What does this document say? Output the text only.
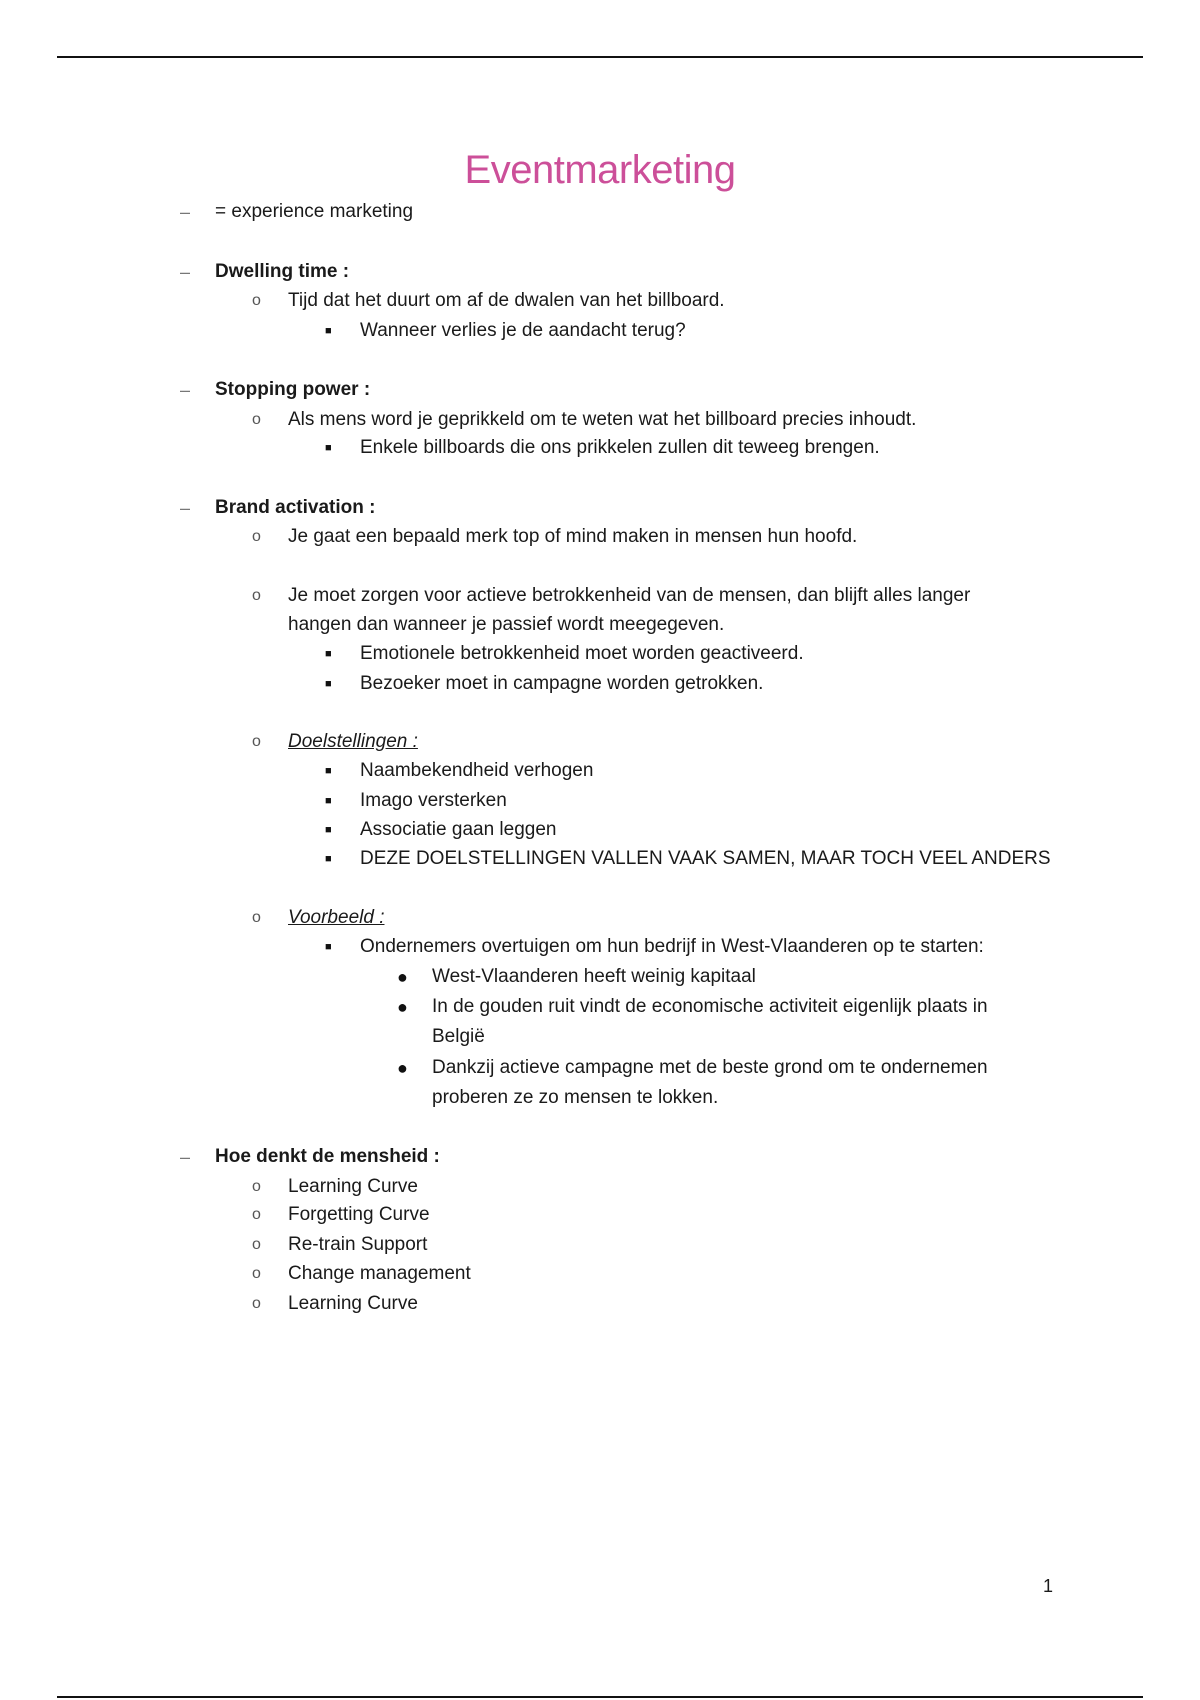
Eventmarketing
– = experience marketing
– Dwelling time :
o Tijd dat het duurt om af de dwalen van het billboard.
■ Wanneer verlies je de aandacht terug?
– Stopping power :
o Als mens word je geprikkeld om te weten wat het billboard precies inhoudt.
■ Enkele billboards die ons prikkelen zullen dit teweeg brengen.
– Brand activation :
o Je gaat een bepaald merk top of mind maken in mensen hun hoofd.
o Je moet zorgen voor actieve betrokkenheid van de mensen, dan blijft alles langer
hangen dan wanneer je passief wordt meegegeven.
■ Emotionele betrokkenheid moet worden geactiveerd.
■ Bezoeker moet in campagne worden getrokken.
o Doelstellingen :
■ Naambekendheid verhogen
■ Imago versterken
■ Associatie gaan leggen
■ DEZE DOELSTELLINGEN VALLEN VAAK SAMEN, MAAR TOCH VEEL ANDERS
o Voorbeeld :
■ Ondernemers overtuigen om hun bedrijf in West-Vlaanderen op te starten:
● West-Vlaanderen heeft weinig kapitaal
● In de gouden ruit vindt de economische activiteit eigenlijk plaats in
België
● Dankzij actieve campagne met de beste grond om te ondernemen
proberen ze zo mensen te lokken.
– Hoe denkt de mensheid :
o Learning Curve
o Forgetting Curve
o Re-train Support
o Change management
o Learning Curve
1
